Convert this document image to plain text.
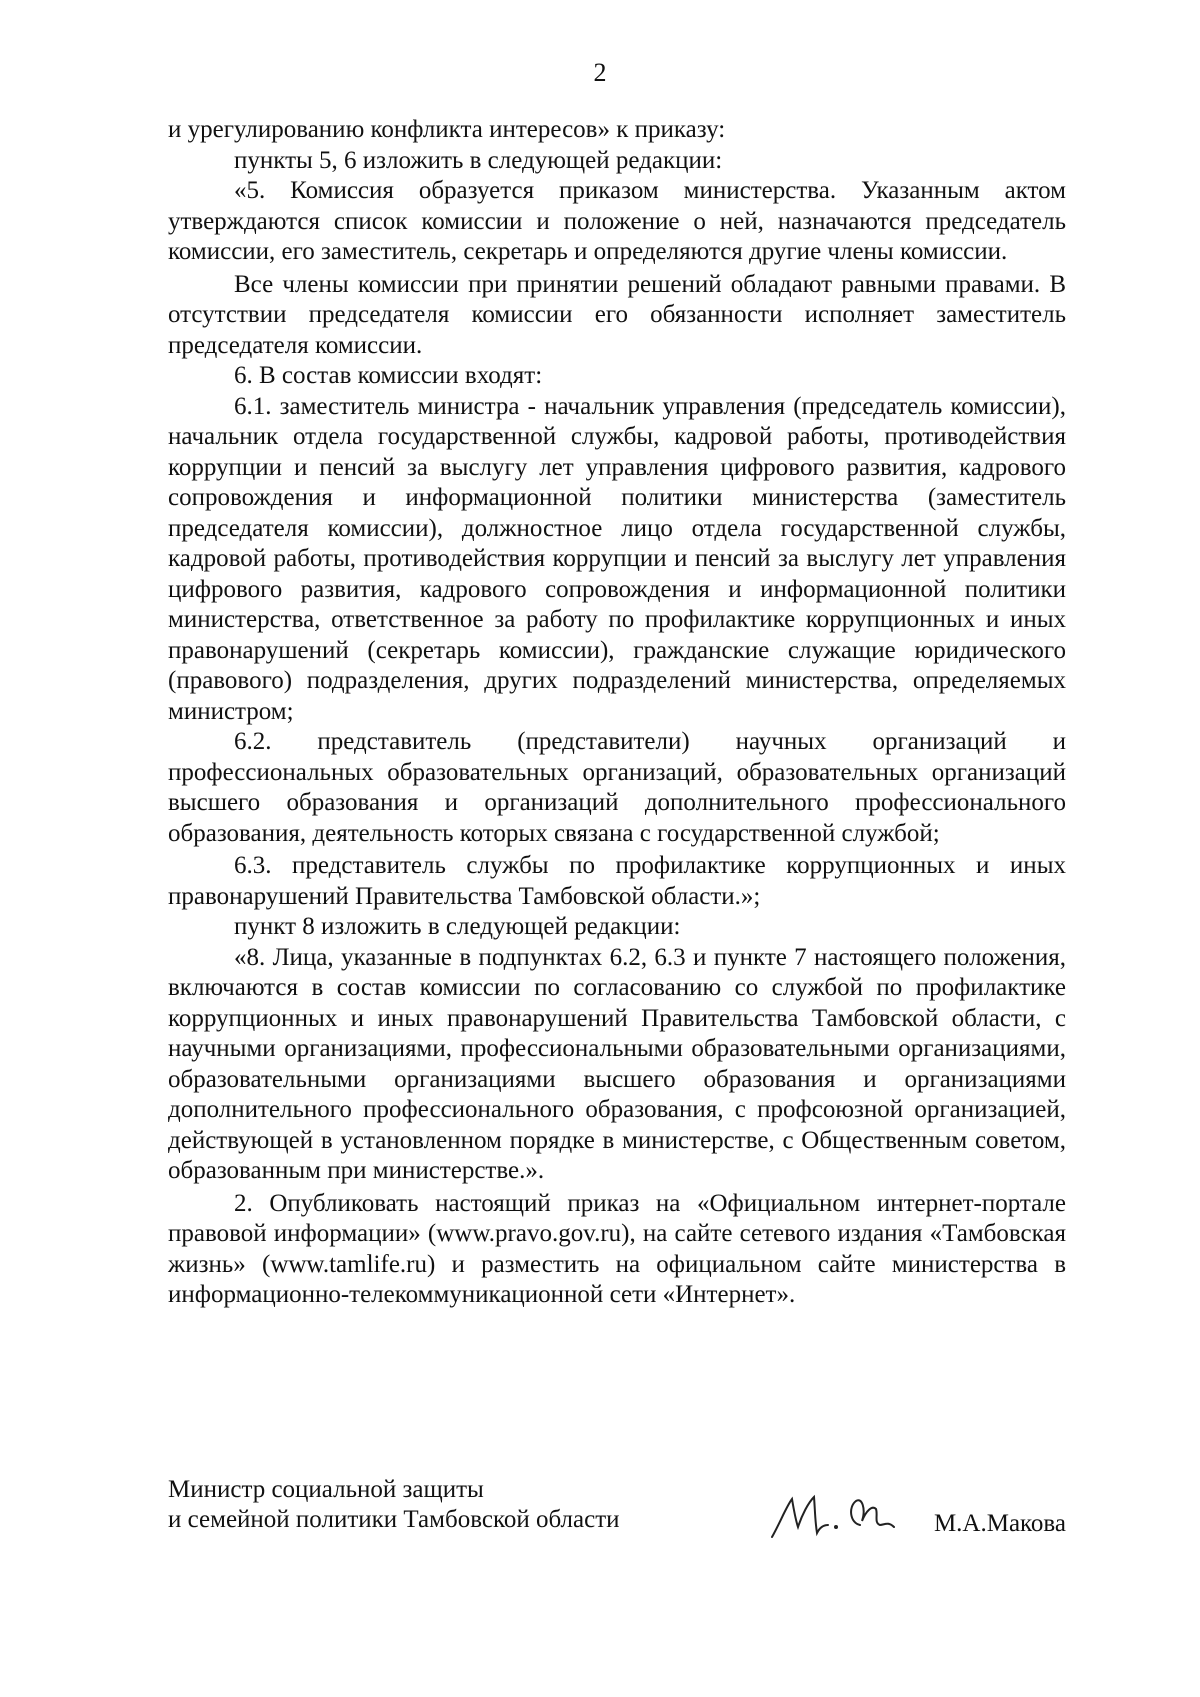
2

и урегулированию конфликта интересов» к приказу:

пункты 5, 6 изложить в следующей редакции:

«5. Комиссия образуется приказом министерства. Указанным актом утверждаются список комиссии и положение о ней, назначаются председатель комиссии, его заместитель, секретарь и определяются другие члены комиссии.

Все члены комиссии при принятии решений обладают равными правами. В отсутствии председателя комиссии его обязанности исполняет заместитель председателя комиссии.

6. В состав комиссии входят:

6.1. заместитель министра - начальник управления (председатель комиссии), начальник отдела государственной службы, кадровой работы, противодействия коррупции и пенсий за выслугу лет управления цифрового развития, кадрового сопровождения и информационной политики министерства (заместитель председателя комиссии), должностное лицо отдела государственной службы, кадровой работы, противодействия коррупции и пенсий за выслугу лет управления цифрового развития, кадрового сопровождения и информационной политики министерства, ответственное за работу по профилактике коррупционных и иных правонарушений (секретарь комиссии), гражданские служащие юридического (правового) подразделения, других подразделений министерства, определяемых министром;

6.2. представитель (представители) научных организаций и профессиональных образовательных организаций, образовательных организаций высшего образования и организаций дополнительного профессионального образования, деятельность которых связана с государственной службой;

6.3. представитель службы по профилактике коррупционных и иных правонарушений Правительства Тамбовской области.»;

пункт 8 изложить в следующей редакции:

«8. Лица, указанные в подпунктах 6.2, 6.3 и пункте 7 настоящего положения, включаются в состав комиссии по согласованию со службой по профилактике коррупционных и иных правонарушений Правительства Тамбовской области, с научными организациями, профессиональными образовательными организациями, образовательными организациями высшего образования и организациями дополнительного профессионального образования, с профсоюзной организацией, действующей в установленном порядке в министерстве, с Общественным советом, образованным при министерстве.».

2. Опубликовать настоящий приказ на «Официальном интернет-портале правовой информации» (www.pravo.gov.ru), на сайте сетевого издания «Тамбовская жизнь» (www.tamlife.ru) и разместить на официальном сайте министерства в информационно-телекоммуникационной сети «Интернет».

Министр социальной защиты
и семейной политики Тамбовской области	М.А.Макова
